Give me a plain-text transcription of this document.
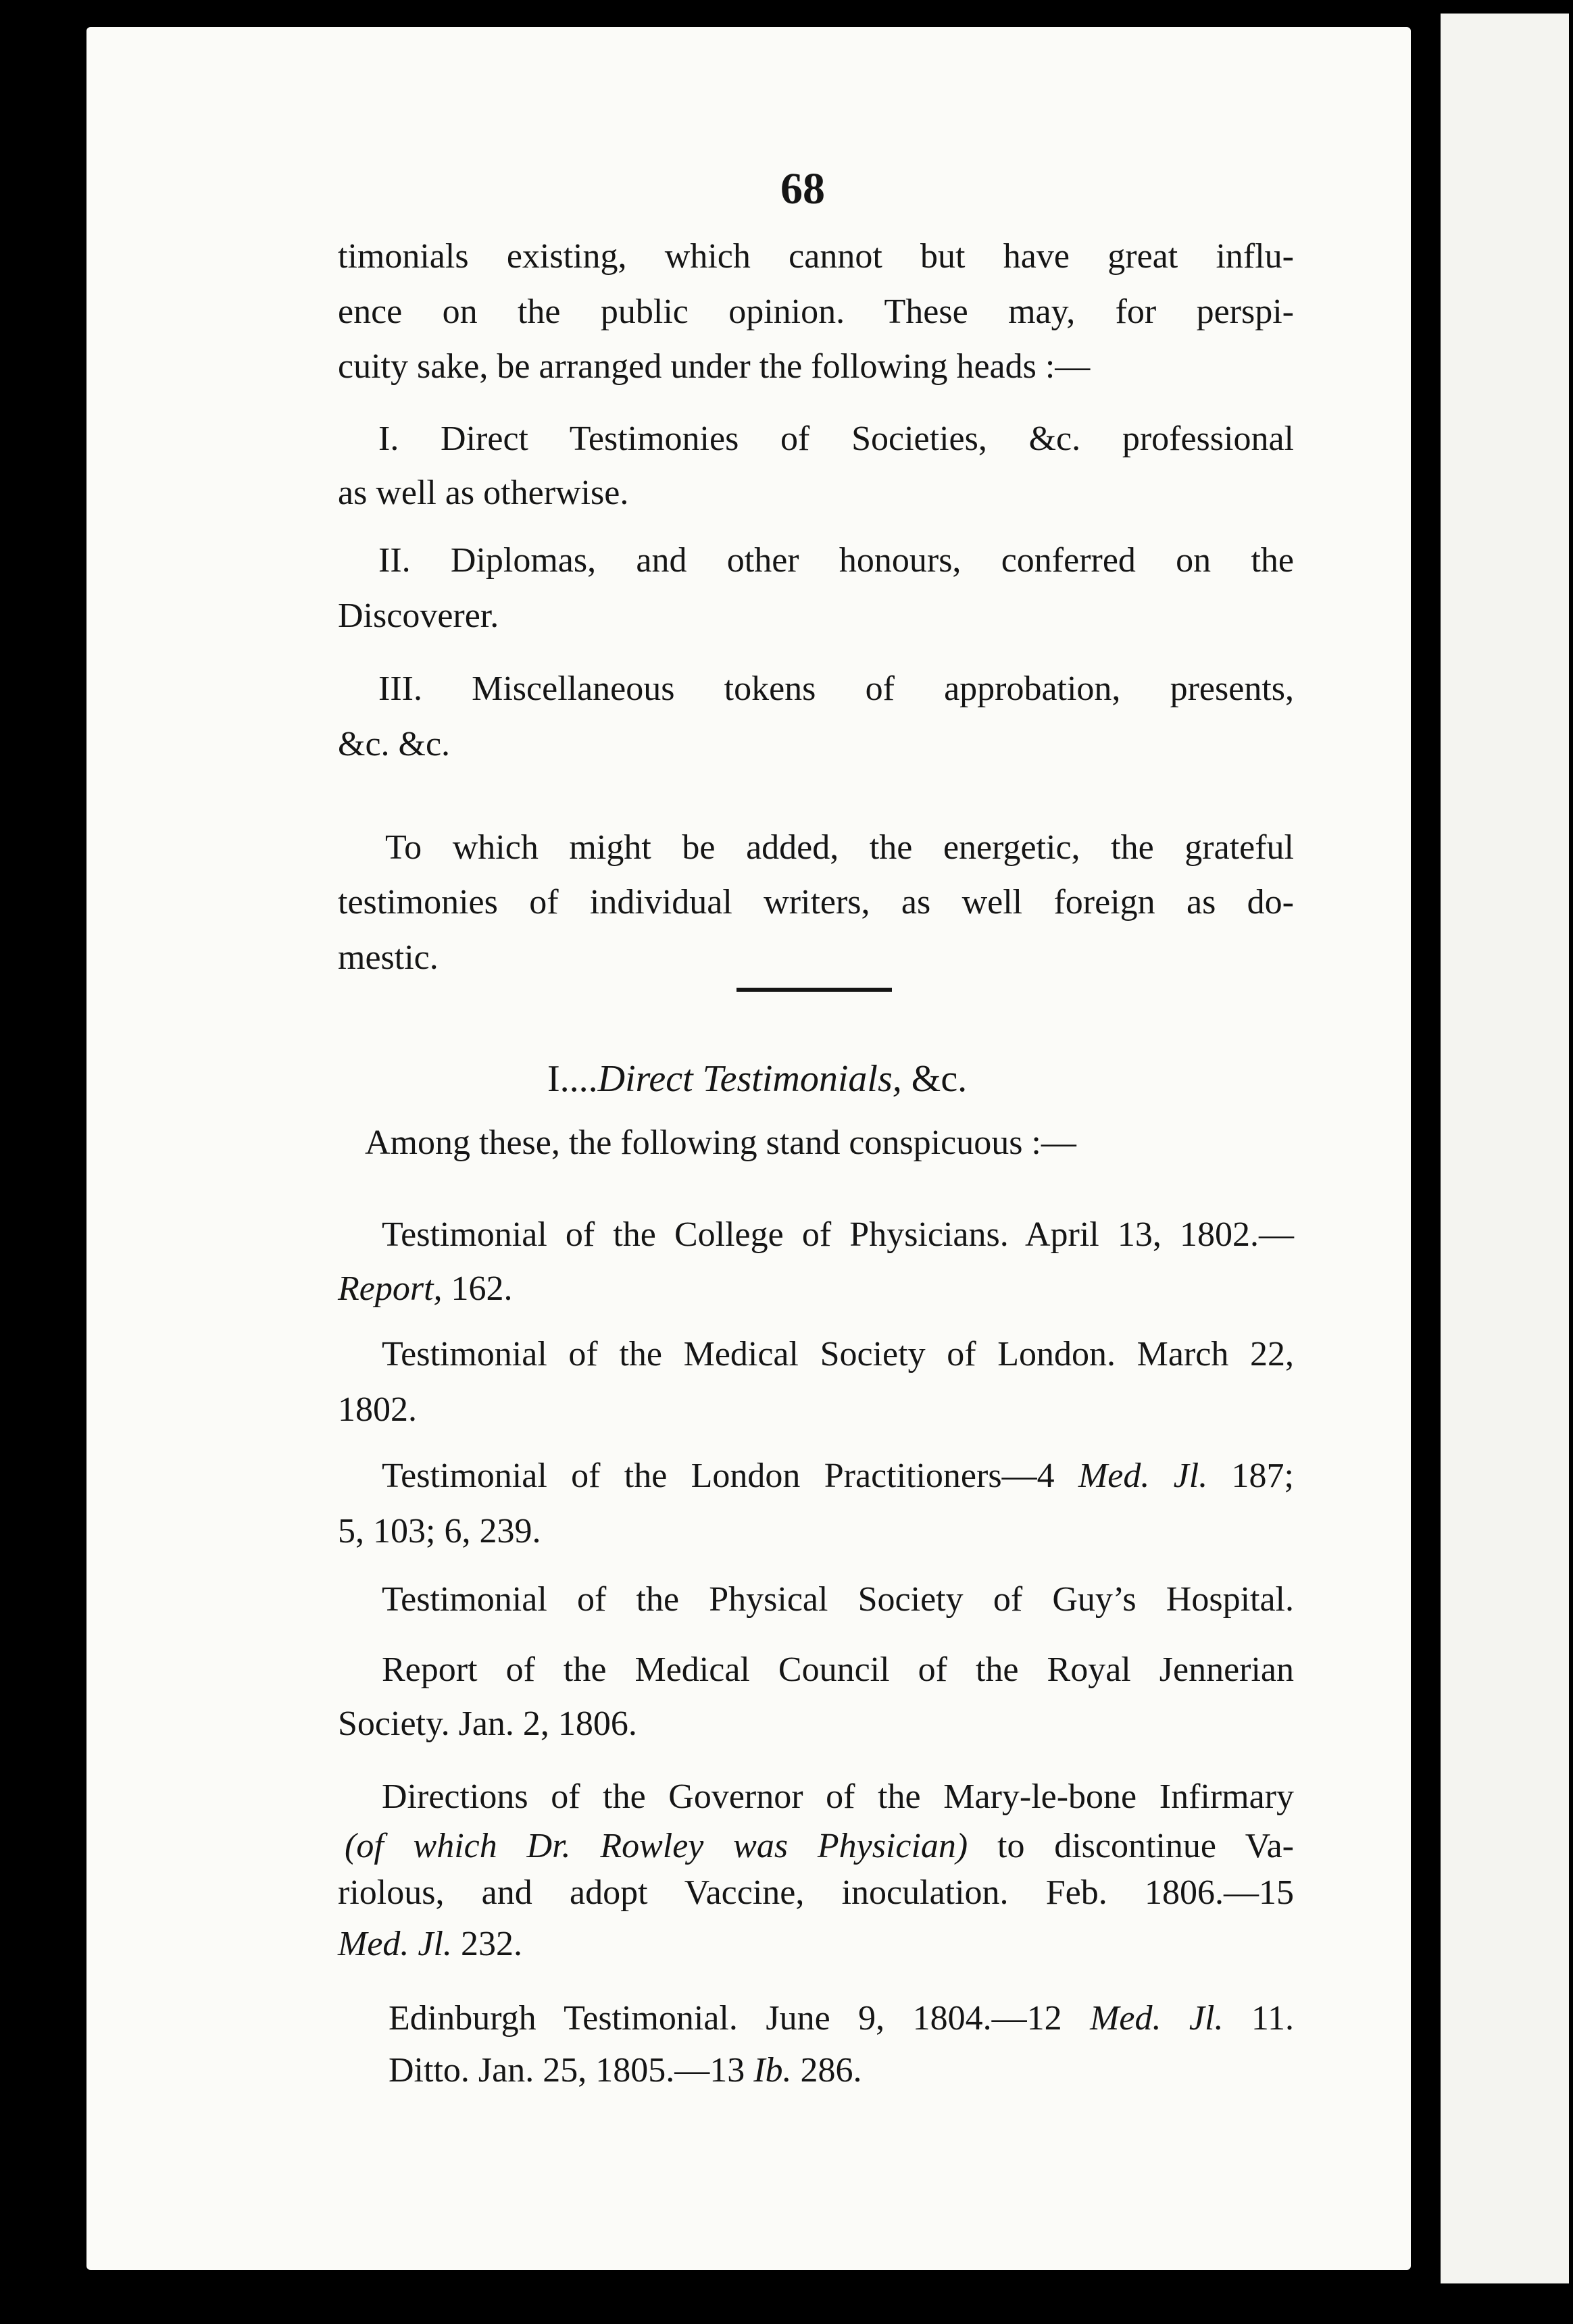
68
timonials existing, which cannot but have great influ-
ence on the public opinion. These may, for perspi-
cuity sake, be arranged under the following heads :—
I. Direct Testimonies of Societies, &c. professional
as well as otherwise.
II. Diplomas, and other honours, conferred on the
Discoverer.
III. Miscellaneous tokens of approbation, presents,
&c. &c.
To which might be added, the energetic, the grateful
testimonies of individual writers, as well foreign as do-
mestic.
I....Direct Testimonials, &c.
Among these, the following stand conspicuous :—
Testimonial of the College of Physicians. April 13, 1802.—
Report, 162.
Testimonial of the Medical Society of London. March 22,
1802.
Testimonial of the London Practitioners—4 Med. Jl. 187;
5, 103; 6, 239.
Testimonial of the Physical Society of Guy’s Hospital.
Report of the Medical Council of the Royal Jennerian
Society. Jan. 2, 1806.
Directions of the Governor of the Mary-le-bone Infirmary
(of which Dr. Rowley was Physician) to discontinue Va-
riolous, and adopt Vaccine, inoculation. Feb. 1806.—15
Med. Jl. 232.
Edinburgh Testimonial. June 9, 1804.—12 Med. Jl. 11.
Ditto. Jan. 25, 1805.—13 Ib. 286.
